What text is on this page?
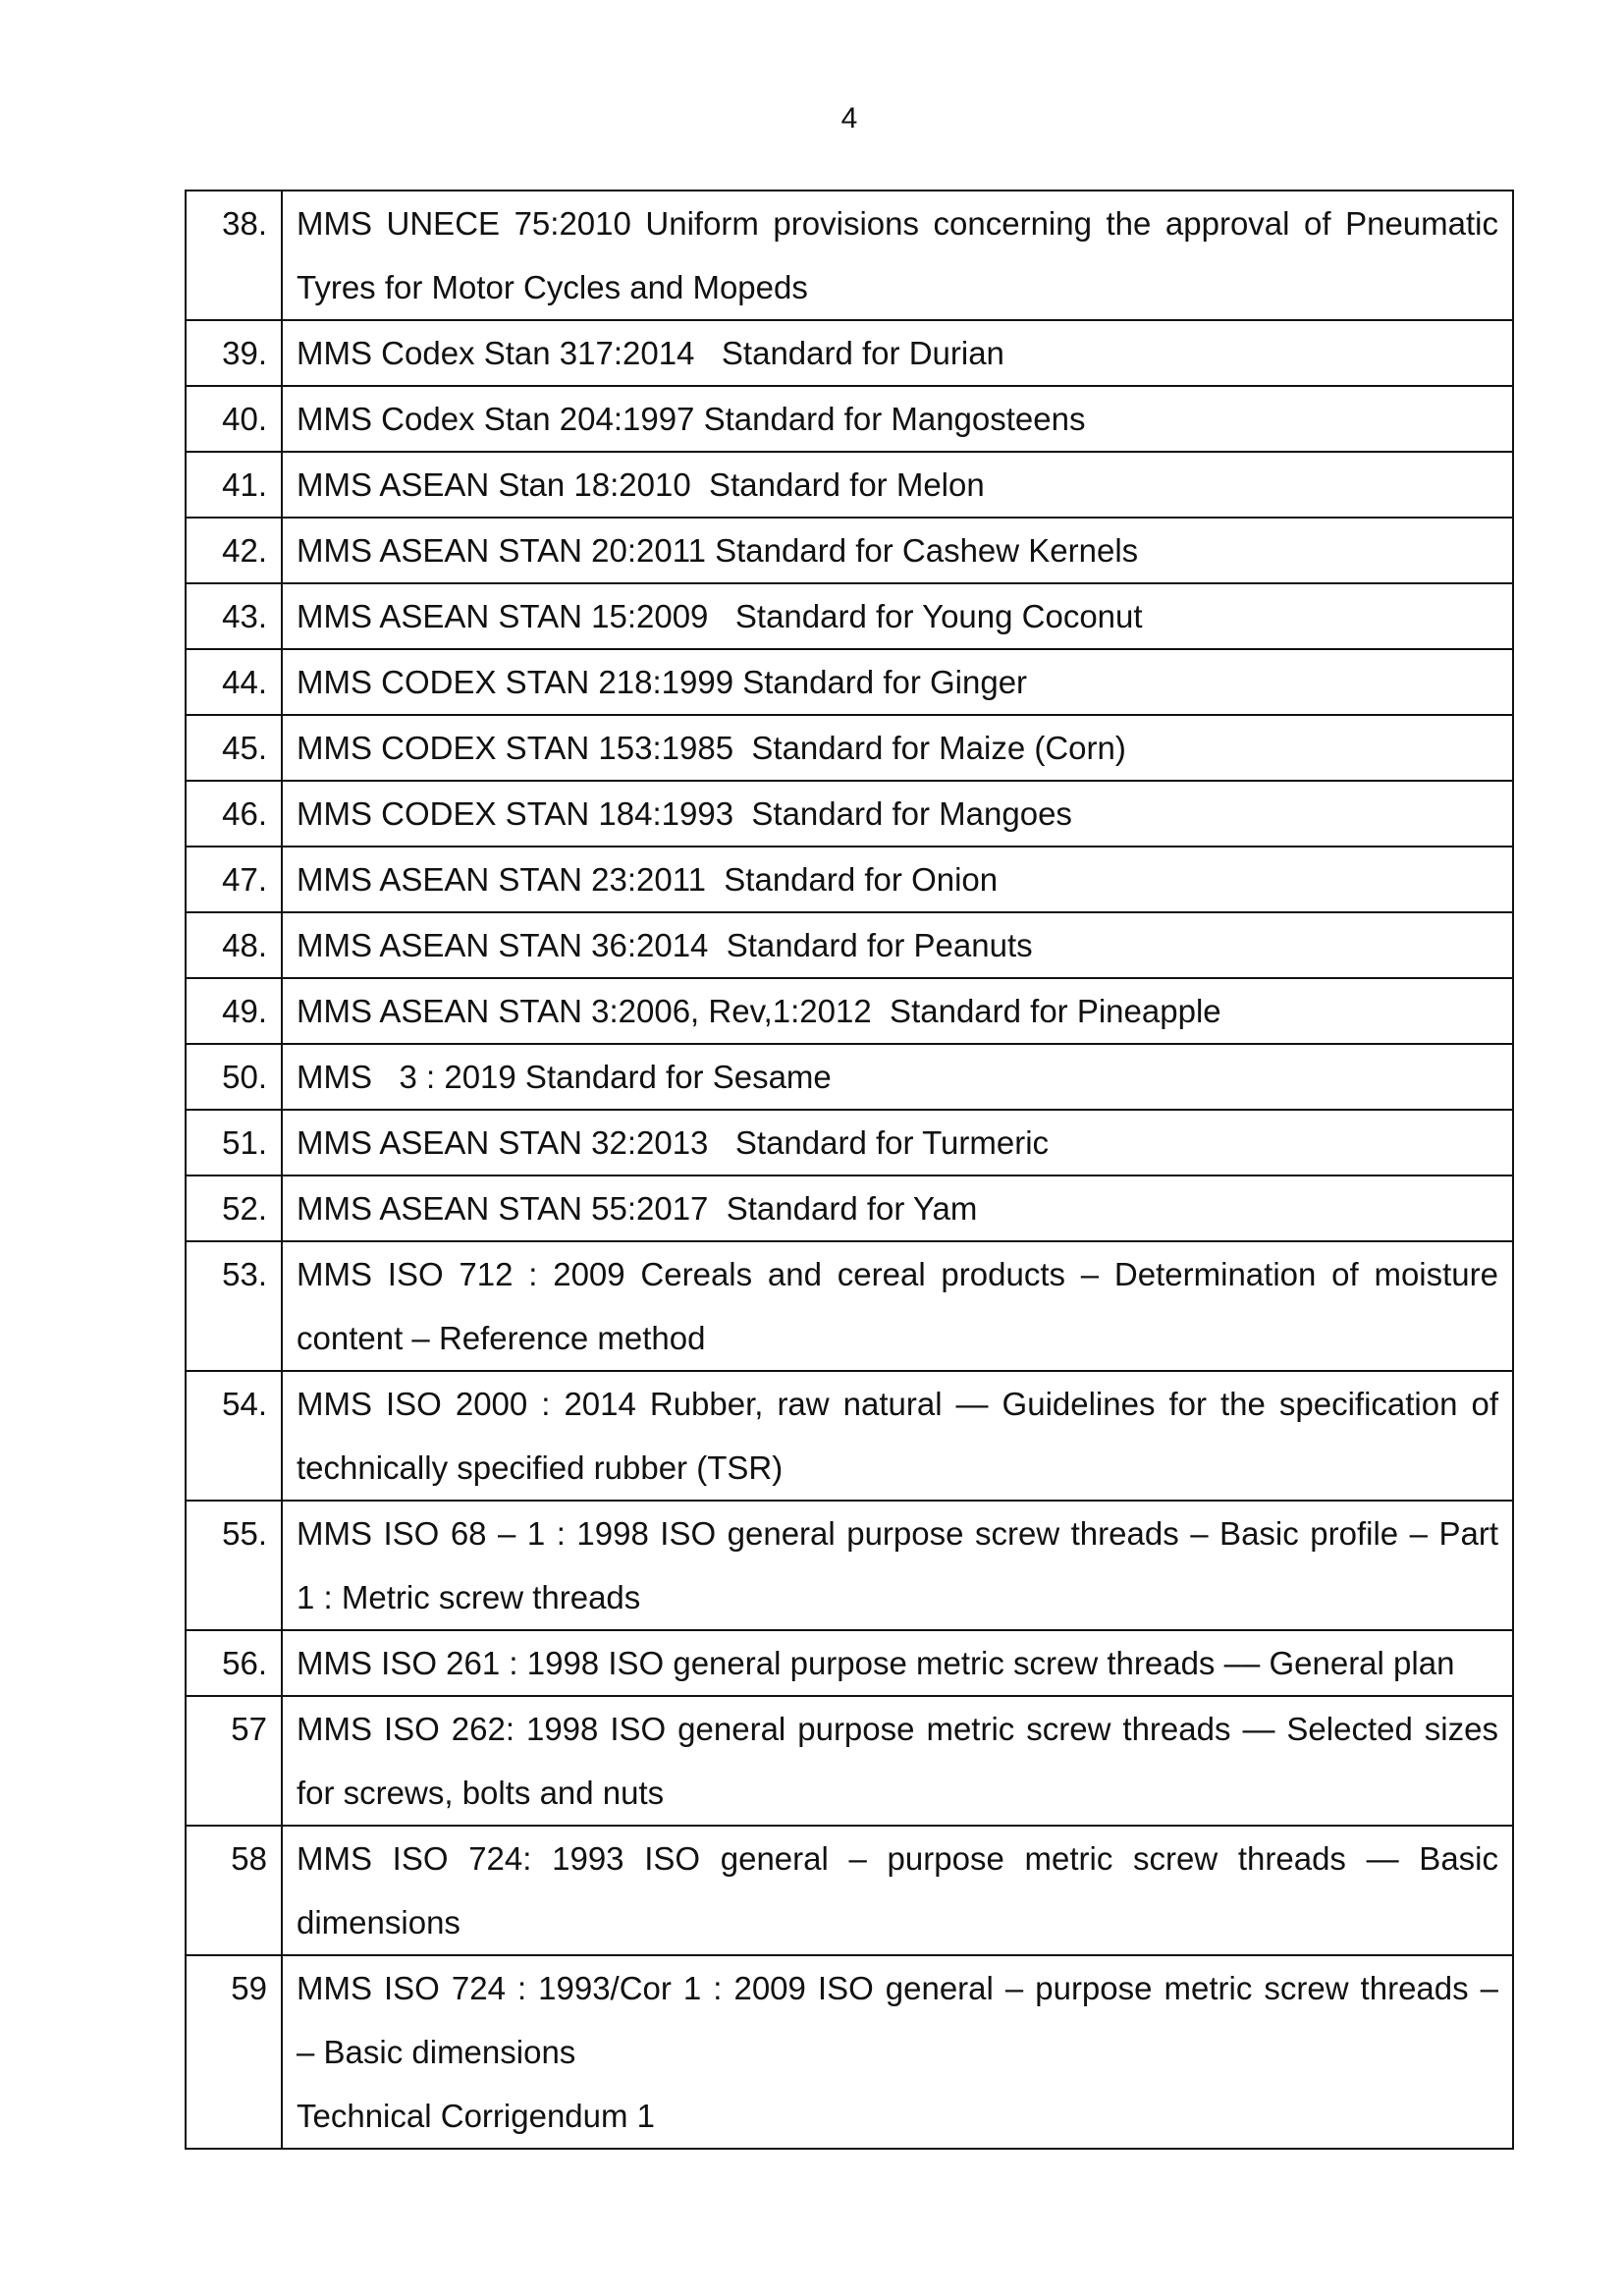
4
38.	MMS UNECE 75:2010 Uniform provisions concerning the approval of Pneumatic
Tyres for Motor Cycles and Mopeds

39.	MMS Codex Stan 317:2014   Standard for Durian

40.	MMS Codex Stan 204:1997 Standard for Mangosteens

41.	MMS ASEAN Stan 18:2010  Standard for Melon

42.	MMS ASEAN STAN 20:2011 Standard for Cashew Kernels

43.	MMS ASEAN STAN 15:2009   Standard for Young Coconut

44.	MMS CODEX STAN 218:1999 Standard for Ginger

45.	MMS CODEX STAN 153:1985  Standard for Maize (Corn)

46.	MMS CODEX STAN 184:1993  Standard for Mangoes

47.	MMS ASEAN STAN 23:2011  Standard for Onion

48.	MMS ASEAN STAN 36:2014  Standard for Peanuts

49.	MMS ASEAN STAN 3:2006, Rev,1:2012  Standard for Pineapple

50.	MMS   3 : 2019 Standard for Sesame

51.	MMS ASEAN STAN 32:2013   Standard for Turmeric

52.	MMS ASEAN STAN 55:2017  Standard for Yam

53.	MMS ISO 712 : 2009 Cereals and cereal products – Determination of moisture
content – Reference method

54.	MMS ISO 2000 : 2014 Rubber, raw natural — Guidelines for the specification of
technically specified rubber (TSR)

55.	MMS ISO 68 – 1 : 1998 ISO general purpose screw threads – Basic profile – Part
1 : Metric screw threads

56.	MMS ISO 261 : 1998 ISO general purpose metric screw threads –– General plan

57	MMS ISO 262: 1998 ISO general purpose metric screw threads — Selected sizes
for screws, bolts and nuts

58	MMS ISO 724: 1993 ISO general – purpose metric screw threads — Basic
dimensions

59	MMS ISO 724 : 1993/Cor 1 : 2009 ISO general – purpose metric screw threads –
– Basic dimensions
Technical Corrigendum 1
